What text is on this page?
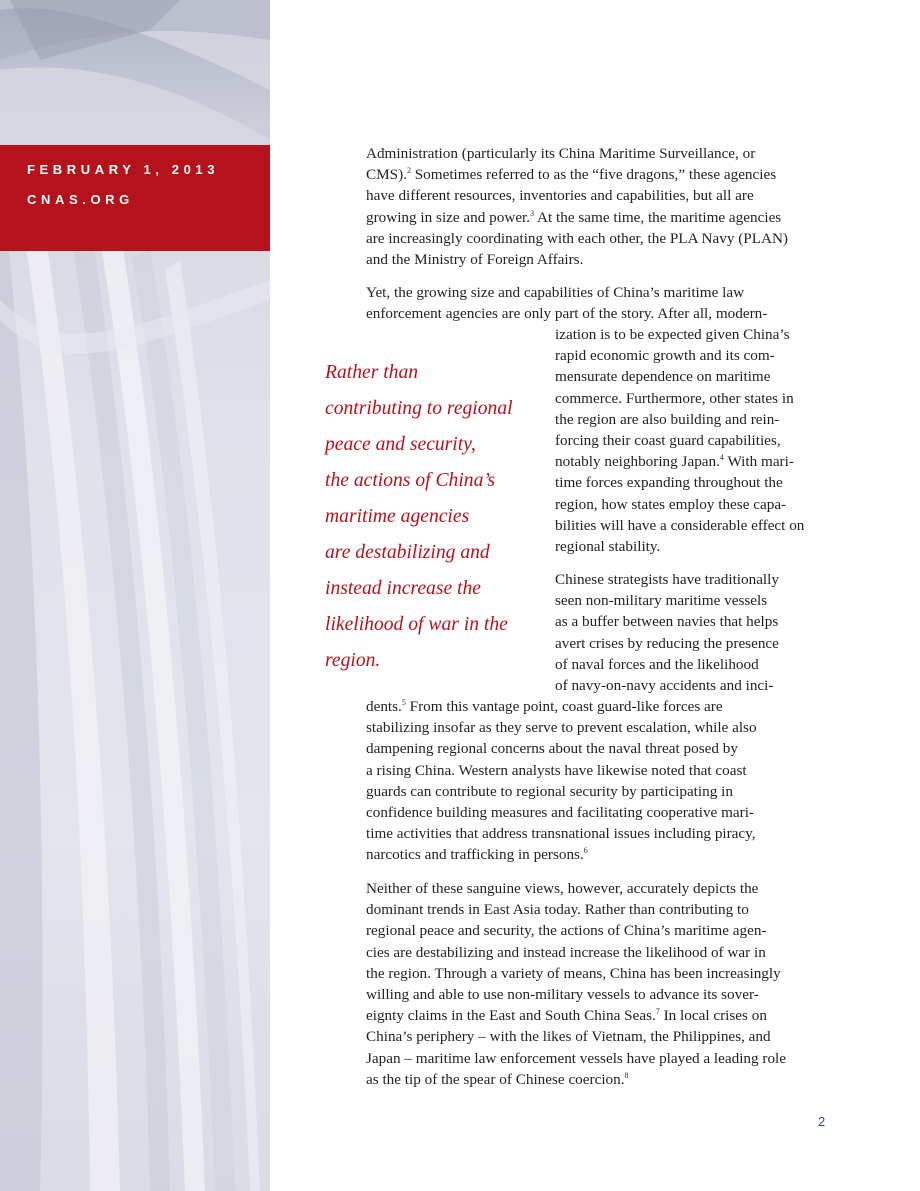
FEBRUARY 1, 2013
CNAS.ORG

Administration (particularly its China Maritime Surveillance, or
CMS).$^2$ Sometimes referred to as the “five dragons,” these agencies
have different resources, inventories and capabilities, but all are
growing in size and power.$^3$ At the same time, the maritime agencies
are increasingly coordinating with each other, the PLA Navy (PLAN)
and the Ministry of Foreign Affairs.

Yet, the growing size and capabilities of China’s maritime law
enforcement agencies are only part of the story. After all, modern-

ization is to be expected given China’s
rapid economic growth and its com-
mensurate dependence on maritime
commerce. Furthermore, other states in
the region are also building and rein-
forcing their coast guard capabilities,
notably neighboring Japan.$^4$ With mari-
time forces expanding throughout the
region, how states employ these capa-
bilities will have a considerable effect on
regional stability.

Rather than
contributing to regional
peace and security,
the actions of China’s
maritime agencies
are destabilizing and
instead increase the
likelihood of war in the
region.

Chinese strategists have traditionally
seen non-military maritime vessels
as a buffer between navies that helps
avert crises by reducing the presence
of naval forces and the likelihood
of navy-on-navy accidents and inci-

dents.$^5$ From this vantage point, coast guard-like forces are
stabilizing insofar as they serve to prevent escalation, while also
dampening regional concerns about the naval threat posed by
a rising China. Western analysts have likewise noted that coast
guards can contribute to regional security by participating in
confidence building measures and facilitating cooperative mari-
time activities that address transnational issues including piracy,
narcotics and trafficking in persons.$^6$

Neither of these sanguine views, however, accurately depicts the
dominant trends in East Asia today. Rather than contributing to
regional peace and security, the actions of China’s maritime agen-
cies are destabilizing and instead increase the likelihood of war in
the region. Through a variety of means, China has been increasingly
willing and able to use non-military vessels to advance its sover-
eignty claims in the East and South China Seas.$^7$ In local crises on
China’s periphery – with the likes of Vietnam, the Philippines, and
Japan – maritime law enforcement vessels have played a leading role
as the tip of the spear of Chinese coercion.$^8$

2
